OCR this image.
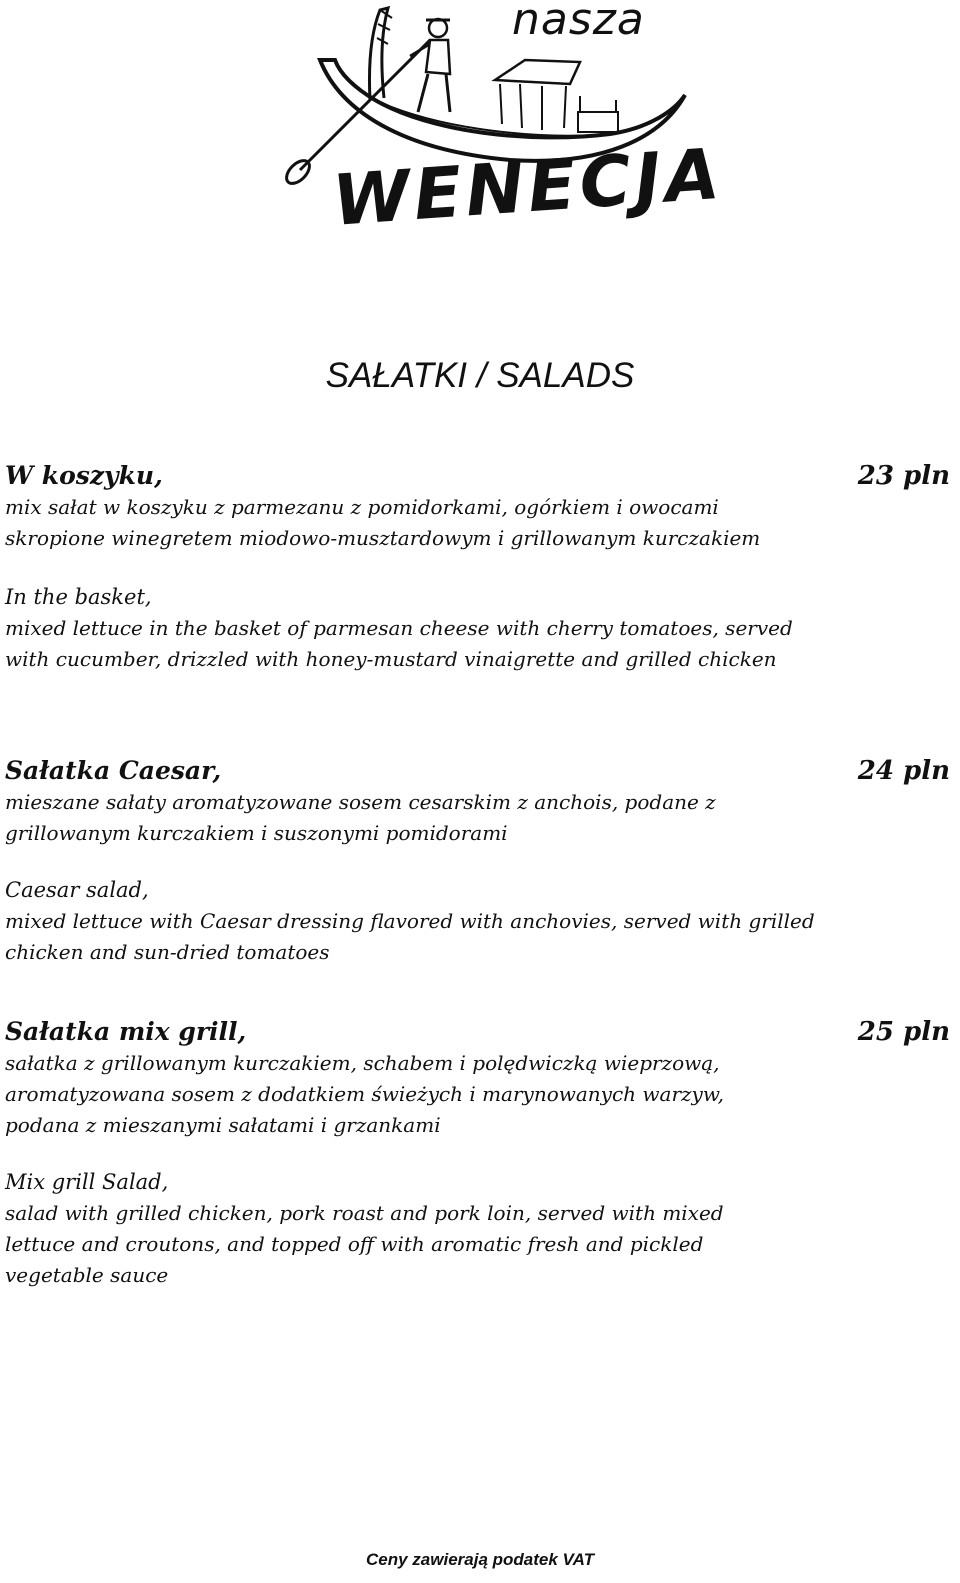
nasza
WENECJA
SAŁATKI / SALADS
W koszyku,
mix sałat w koszyku z parmezanu z pomidorkami, ogórkiem i owocami skropione winegretem miodowo-musztardowym i grillowanym kurczakiem
23 pln
In the basket,
mixed lettuce in the basket of parmesan cheese with cherry tomatoes, served with cucumber, drizzled with honey-mustard vinaigrette and grilled chicken
Sałatka Caesar,
mieszane sałaty aromatyzowane sosem cesarskim z anchois, podane z grillowanym kurczakiem i suszonymi pomidorami
24 pln
Caesar salad,
mixed lettuce with Caesar dressing flavored with anchovies, served with grilled chicken and sun-dried tomatoes
Sałatka mix grill,
sałatka z grillowanym kurczakiem, schabem i polędwiczką wieprzową, aromatyzowana sosem z dodatkiem świeżych i marynowanych warzyw, podana z mieszanymi sałatami i grzankami
25 pln
Mix grill Salad,
salad with grilled chicken, pork roast and pork loin, served with mixed lettuce and croutons, and topped off with aromatic fresh and pickled vegetable sauce
Ceny zawierają podatek VAT
